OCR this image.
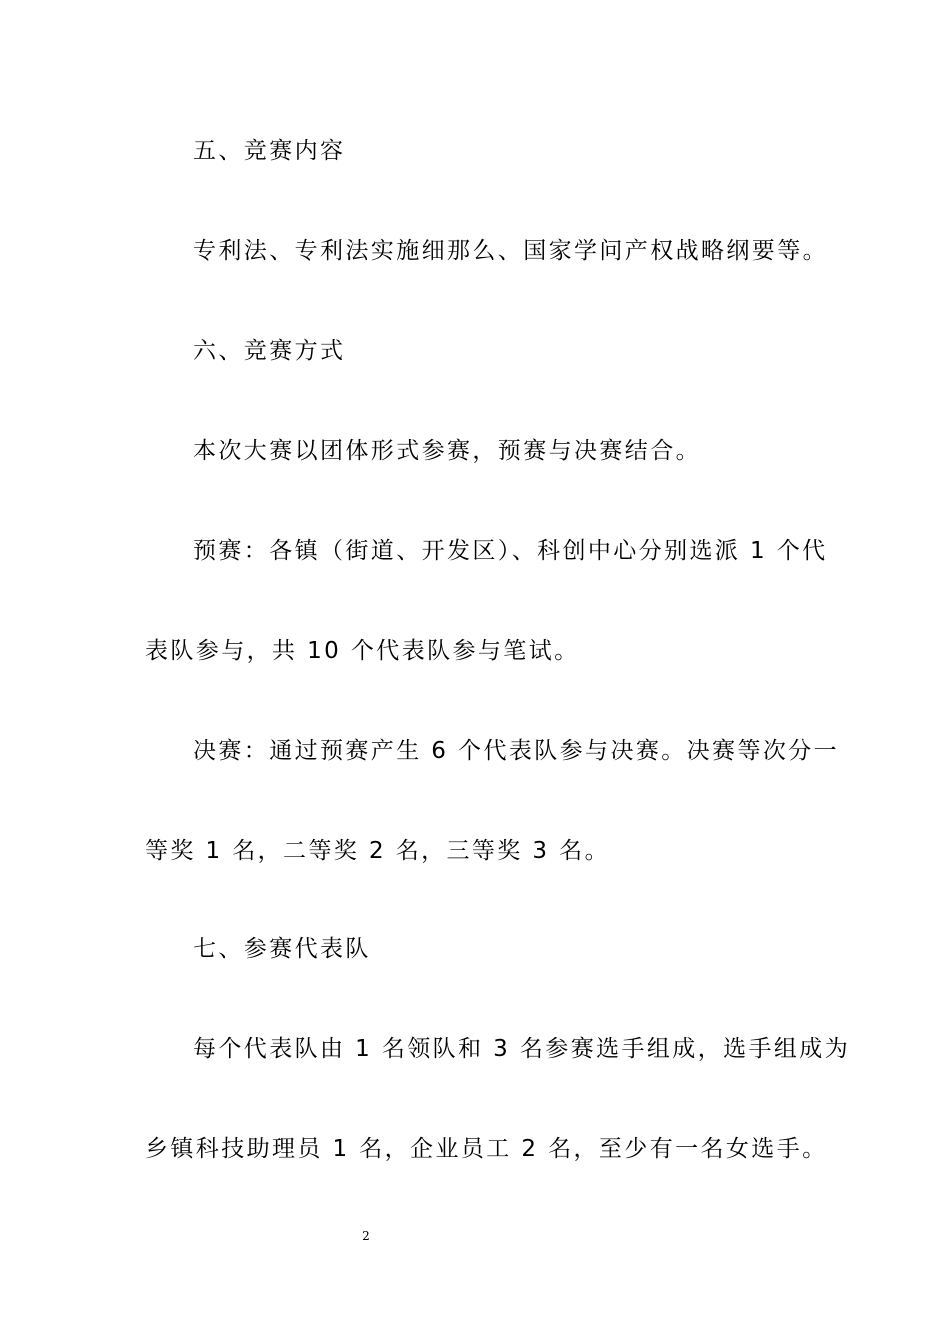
五、竞赛内容

专利法、专利法实施细那么、国家学问产权战略纲要等。

六、竞赛方式

本次大赛以团体形式参赛，预赛与决赛结合。

预赛：各镇（街道、开发区）、科创中心分别选派 1 个代

表队参与，共 10 个代表队参与笔试。

决赛：通过预赛产生 6 个代表队参与决赛。决赛等次分一

等奖 1 名，二等奖 2 名，三等奖 3 名。

七、参赛代表队

每个代表队由 1 名领队和 3 名参赛选手组成，选手组成为

乡镇科技助理员 1 名，企业员工 2 名，至少有一名女选手。

2
